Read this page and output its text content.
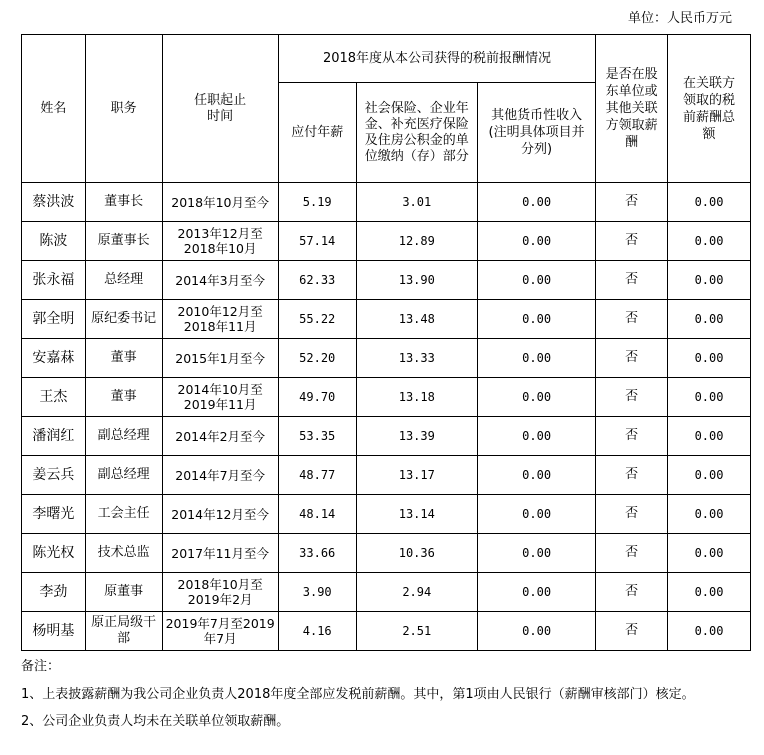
单位：人民币万元
姓名	职务	任职起止时间	2018年度从本公司获得的税前报酬情况			是否在股东单位或其他关联方领取薪酬	在关联方领取的税前薪酬总额

			应付年薪	社会保险、企业年金、补充医疗保险及住房公积金的单位缴纳（存）部分	其他货币性收入(注明具体项目并分列)		

蔡洪波	董事长	2018年10月至今	5.19	3.01	0.00	否	0.00
陈波	原董事长	2013年12月至2018年10月	57.14	12.89	0.00	否	0.00
张永福	总经理	2014年3月至今	62.33	13.90	0.00	否	0.00
郭全明	原纪委书记	2010年12月至2018年11月	55.22	13.48	0.00	否	0.00
安嘉菻	董事	2015年1月至今	52.20	13.33	0.00	否	0.00
王杰	董事	2014年10月至2019年11月	49.70	13.18	0.00	否	0.00
潘润红	副总经理	2014年2月至今	53.35	13.39	0.00	否	0.00
姜云兵	副总经理	2014年7月至今	48.77	13.17	0.00	否	0.00
李曙光	工会主任	2014年12月至今	48.14	13.14	0.00	否	0.00
陈光权	技术总监	2017年11月至今	33.66	10.36	0.00	否	0.00
李劲	原董事	2018年10月至2019年2月	3.90	2.94	0.00	否	0.00
杨明基	原正局级干部	2019年7月至2019年7月	4.16	2.51	0.00	否	0.00
备注：
1、上表披露薪酬为我公司企业负责人2018年度全部应发税前薪酬。其中，第1项由人民银行（薪酬审核部门）核定。
2、公司企业负责人均未在关联单位领取薪酬。
